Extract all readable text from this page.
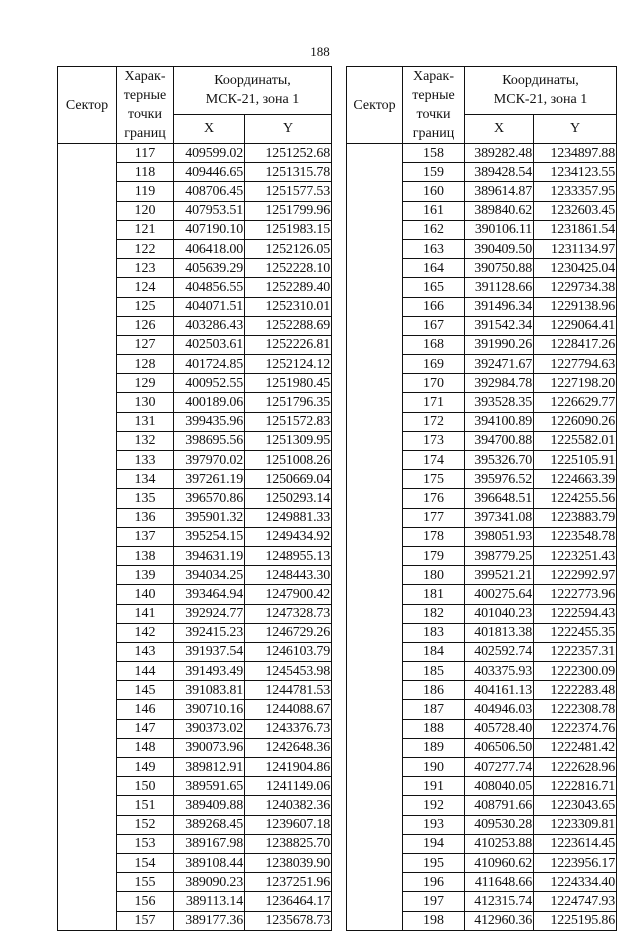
188
Сектор	Харак-
терные
точки
границ	Координаты,
МСК-21, зона 1	
		X	Y
	117	409599.02	1251252.68
	118	409446.65	1251315.78
	119	408706.45	1251577.53
	120	407953.51	1251799.96
	121	407190.10	1251983.15
	122	406418.00	1252126.05
	123	405639.29	1252228.10
	124	404856.55	1252289.40
	125	404071.51	1252310.01
	126	403286.43	1252288.69
	127	402503.61	1252226.81
	128	401724.85	1252124.12
	129	400952.55	1251980.45
	130	400189.06	1251796.35
	131	399435.96	1251572.83
	132	398695.56	1251309.95
	133	397970.02	1251008.26
	134	397261.19	1250669.04
	135	396570.86	1250293.14
	136	395901.32	1249881.33
	137	395254.15	1249434.92
	138	394631.19	1248955.13
	139	394034.25	1248443.30
	140	393464.94	1247900.42
	141	392924.77	1247328.73
	142	392415.23	1246729.26
	143	391937.54	1246103.79
	144	391493.49	1245453.98
	145	391083.81	1244781.53
	146	390710.16	1244088.67
	147	390373.02	1243376.73
	148	390073.96	1242648.36
	149	389812.91	1241904.86
	150	389591.65	1241149.06
	151	389409.88	1240382.36
	152	389268.45	1239607.18
	153	389167.98	1238825.70
	154	389108.44	1238039.90
	155	389090.23	1237251.96
	156	389113.14	1236464.17
	157	389177.36	1235678.73
Сектор	Харак-
терные
точки
границ	Координаты,
МСК-21, зона 1	
		X	Y
	158	389282.48	1234897.88
	159	389428.54	1234123.55
	160	389614.87	1233357.95
	161	389840.62	1232603.45
	162	390106.11	1231861.54
	163	390409.50	1231134.97
	164	390750.88	1230425.04
	165	391128.66	1229734.38
	166	391496.34	1229138.96
	167	391542.34	1229064.41
	168	391990.26	1228417.26
	169	392471.67	1227794.63
	170	392984.78	1227198.20
	171	393528.35	1226629.77
	172	394100.89	1226090.26
	173	394700.88	1225582.01
	174	395326.70	1225105.91
	175	395976.52	1224663.39
	176	396648.51	1224255.56
	177	397341.08	1223883.79
	178	398051.93	1223548.78
	179	398779.25	1223251.43
	180	399521.21	1222992.97
	181	400275.64	1222773.96
	182	401040.23	1222594.43
	183	401813.38	1222455.35
	184	402592.74	1222357.31
	185	403375.93	1222300.09
	186	404161.13	1222283.48
	187	404946.03	1222308.78
	188	405728.40	1222374.76
	189	406506.50	1222481.42
	190	407277.74	1222628.96
	191	408040.05	1222816.71
	192	408791.66	1223043.65
	193	409530.28	1223309.81
	194	410253.88	1223614.45
	195	410960.62	1223956.17
	196	411648.66	1224334.40
	197	412315.74	1224747.93
	198	412960.36	1225195.86
